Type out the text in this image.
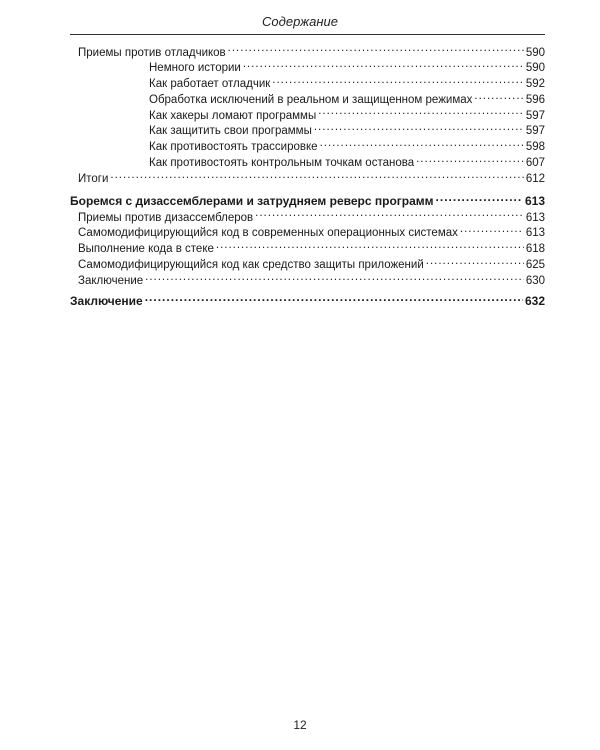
Содержание
Приемы против отладчиков .....	590
Немного истории .....	590
Как работает отладчик .....	592
Обработка исключений в реальном и защищенном режимах .....	596
Как хакеры ломают программы .....	597
Как защитить свои программы .....	597
Как противостоять трассировке .....	598
Как противостоять контрольным точкам останова .....	607
Итоги .....	612
Боремся с дизассемблерами и затрудняем реверс программ .....	613
Приемы против дизассемблеров .....	613
Самомодифицирующийся код в современных операционных системах .....	613
Выполнение кода в стеке .....	618
Самомодифицирующийся код как средство защиты приложений .....	625
Заключение .....	630
Заключение .....	632
12
